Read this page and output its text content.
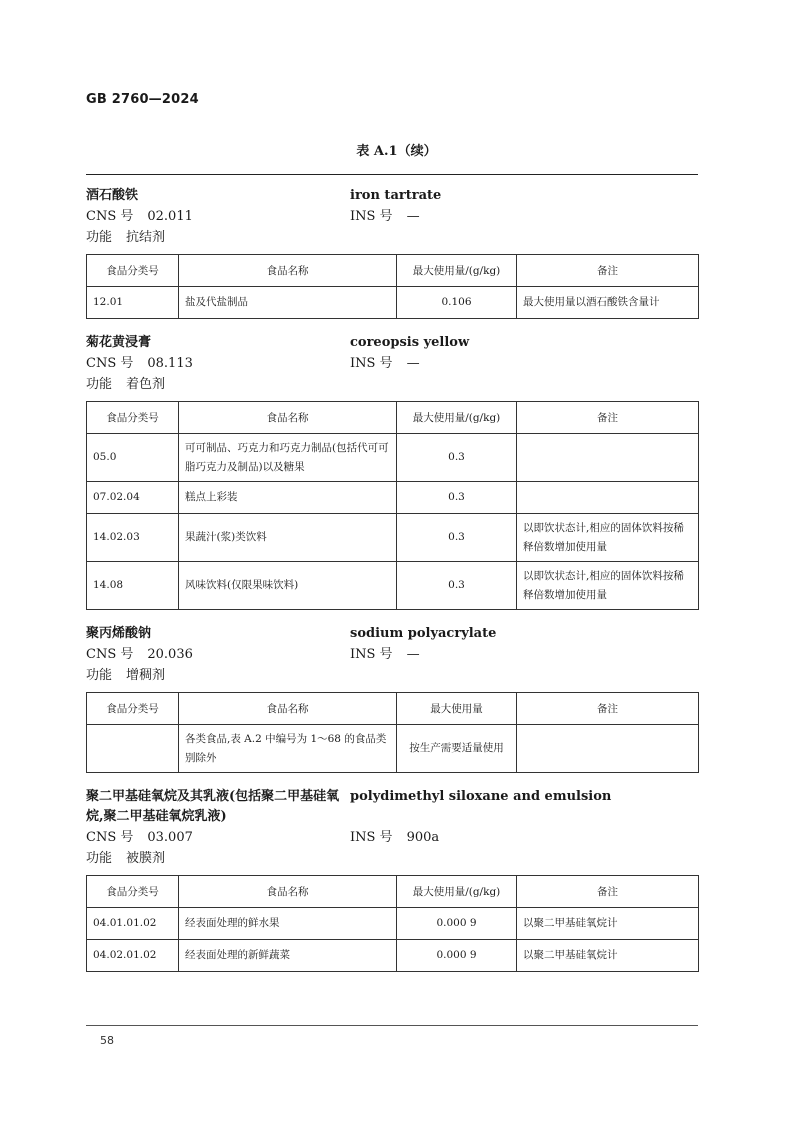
GB 2760—2024
表 A.1（续）
酒石酸铁	iron tartrate
CNS 号 02.011	INS 号 —
功能 抗结剂
食品分类号	食品名称	最大使用量/(g/kg)	备注
12.01	盐及代盐制品	0.106	最大使用量以酒石酸铁含量计
菊花黄浸膏	coreopsis yellow
CNS 号 08.113	INS 号 —
功能 着色剂
食品分类号	食品名称	最大使用量/(g/kg)	备注
05.0	可可制品、巧克力和巧克力制品(包括代可可脂巧克力及制品)以及糖果	0.3	
07.02.04	糕点上彩装	0.3	
14.02.03	果蔬汁(浆)类饮料	0.3	以即饮状态计,相应的固体饮料按稀释倍数增加使用量
14.08	风味饮料(仅限果味饮料)	0.3	以即饮状态计,相应的固体饮料按稀释倍数增加使用量
聚丙烯酸钠	sodium polyacrylate
CNS 号 20.036	INS 号 —
功能 增稠剂
食品分类号	食品名称	最大使用量	备注
	各类食品,表 A.2 中编号为 1～68 的食品类别除外	按生产需要适量使用	
聚二甲基硅氧烷及其乳液(包括聚二甲基硅氧烷,聚二甲基硅氧烷乳液)
polydimethyl siloxane and emulsion
CNS 号 03.007	INS 号 900a
功能 被膜剂
食品分类号	食品名称	最大使用量/(g/kg)	备注
04.01.01.02	经表面处理的鲜水果	0.000 9	以聚二甲基硅氧烷计
04.02.01.02	经表面处理的新鲜蔬菜	0.000 9	以聚二甲基硅氧烷计
58
